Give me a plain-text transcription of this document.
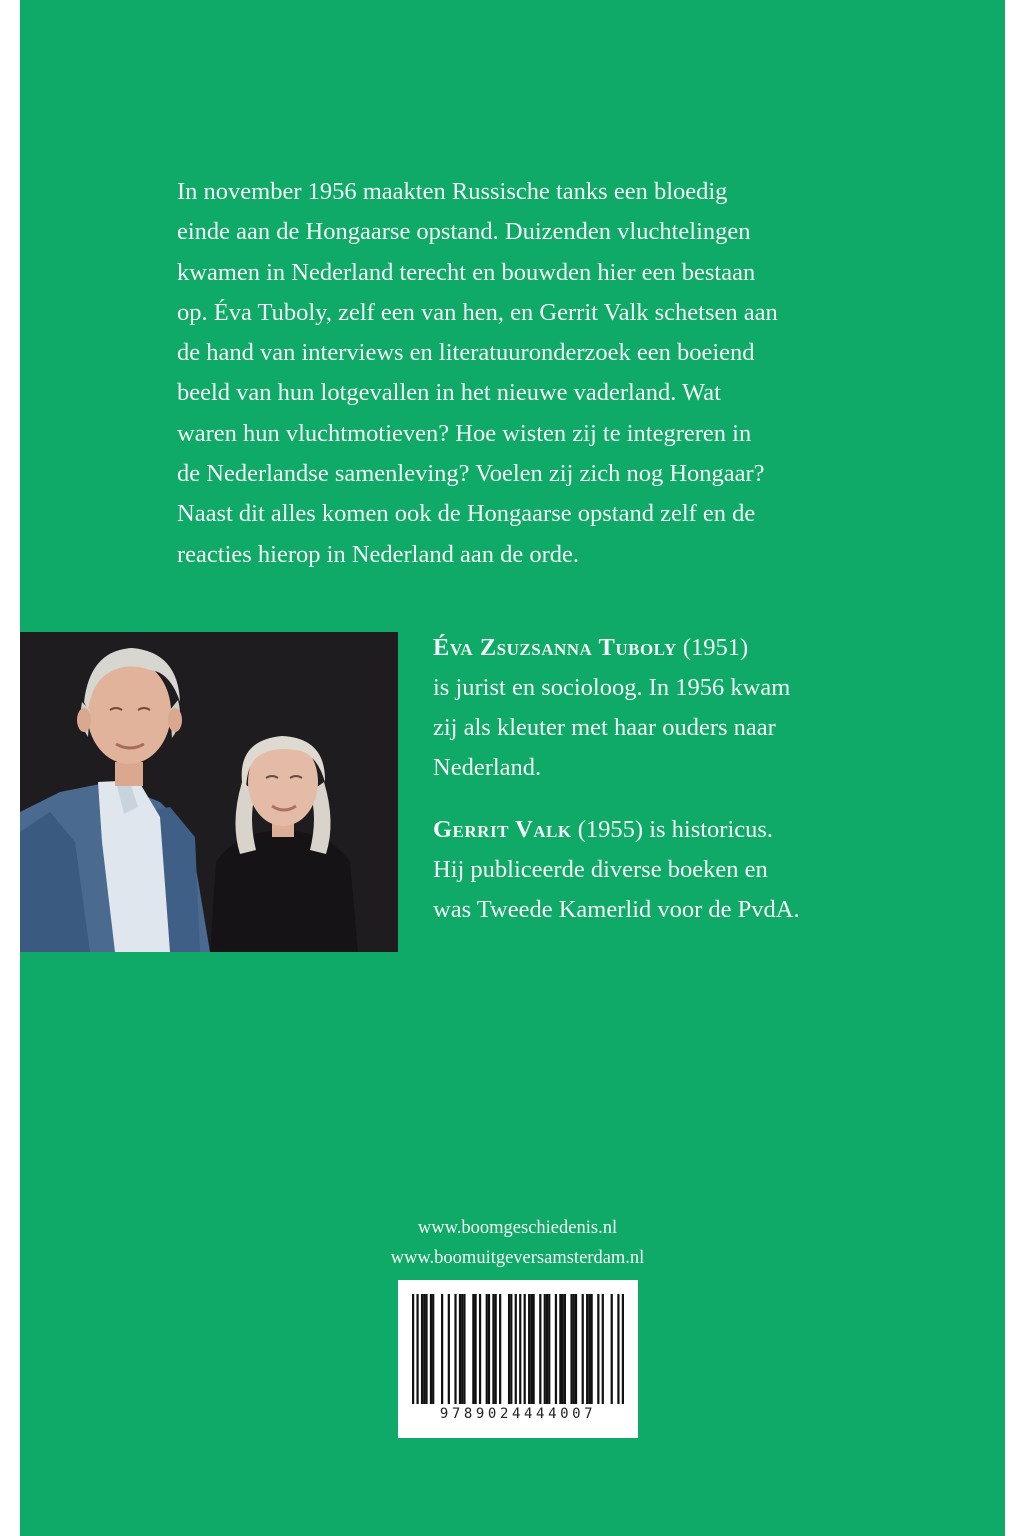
In november 1956 maakten Russische tanks een bloedig
einde aan de Hongaarse opstand. Duizenden vluchtelingen
kwamen in Nederland terecht en bouwden hier een bestaan
op. Éva Tuboly, zelf een van hen, en Gerrit Valk schetsen aan
de hand van interviews en literatuuronderzoek een boeiend
beeld van hun lotgevallen in het nieuwe vaderland. Wat
waren hun vluchtmotieven? Hoe wisten zij te integreren in
de Nederlandse samenleving? Voelen zij zich nog Hongaar?
Naast dit alles komen ook de Hongaarse opstand zelf en de
reacties hierop in Nederland aan de orde.
Éva Zsuzsanna Tuboly (1951)
is jurist en socioloog. In 1956 kwam
zij als kleuter met haar ouders naar
Nederland.
Gerrit Valk (1955) is historicus.
Hij publiceerde diverse boeken en
was Tweede Kamerlid voor de PvdA.
www.boomgeschiedenis.nl
www.boomuitgeversamsterdam.nl
9789024444007
